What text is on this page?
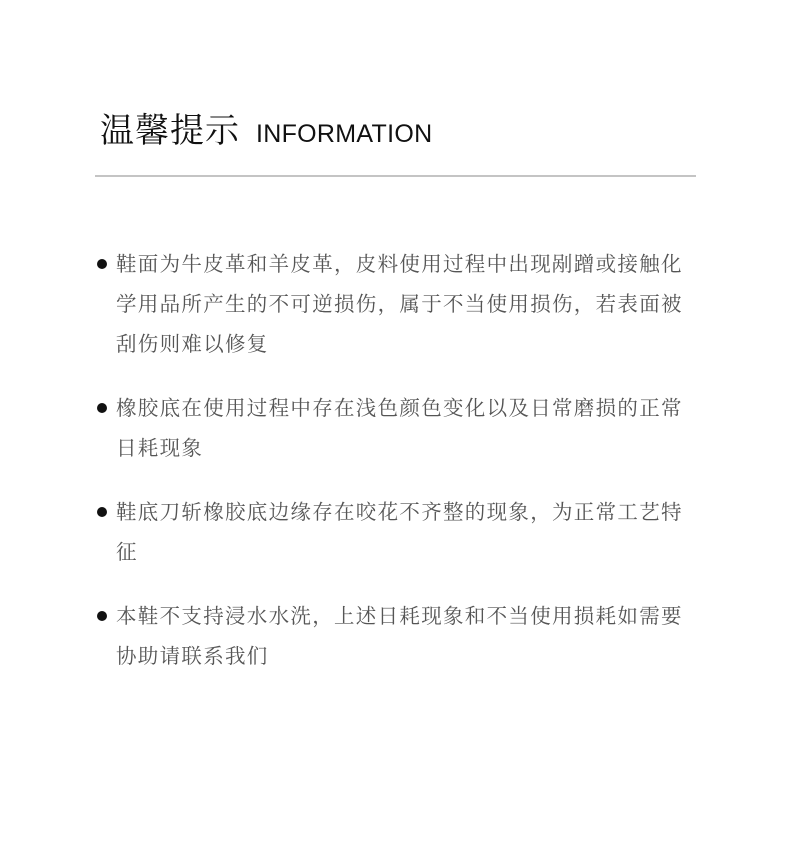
温馨提示 INFORMATION
鞋面为牛皮革和羊皮革，皮料使用过程中出现剐蹭或接触化学用品所产生的不可逆损伤，属于不当使用损伤，若表面被刮伤则难以修复
橡胶底在使用过程中存在浅色颜色变化以及日常磨损的正常日耗现象
鞋底刀斩橡胶底边缘存在咬花不齐整的现象，为正常工艺特征
本鞋不支持浸水水洗，上述日耗现象和不当使用损耗如需要协助请联系我们
